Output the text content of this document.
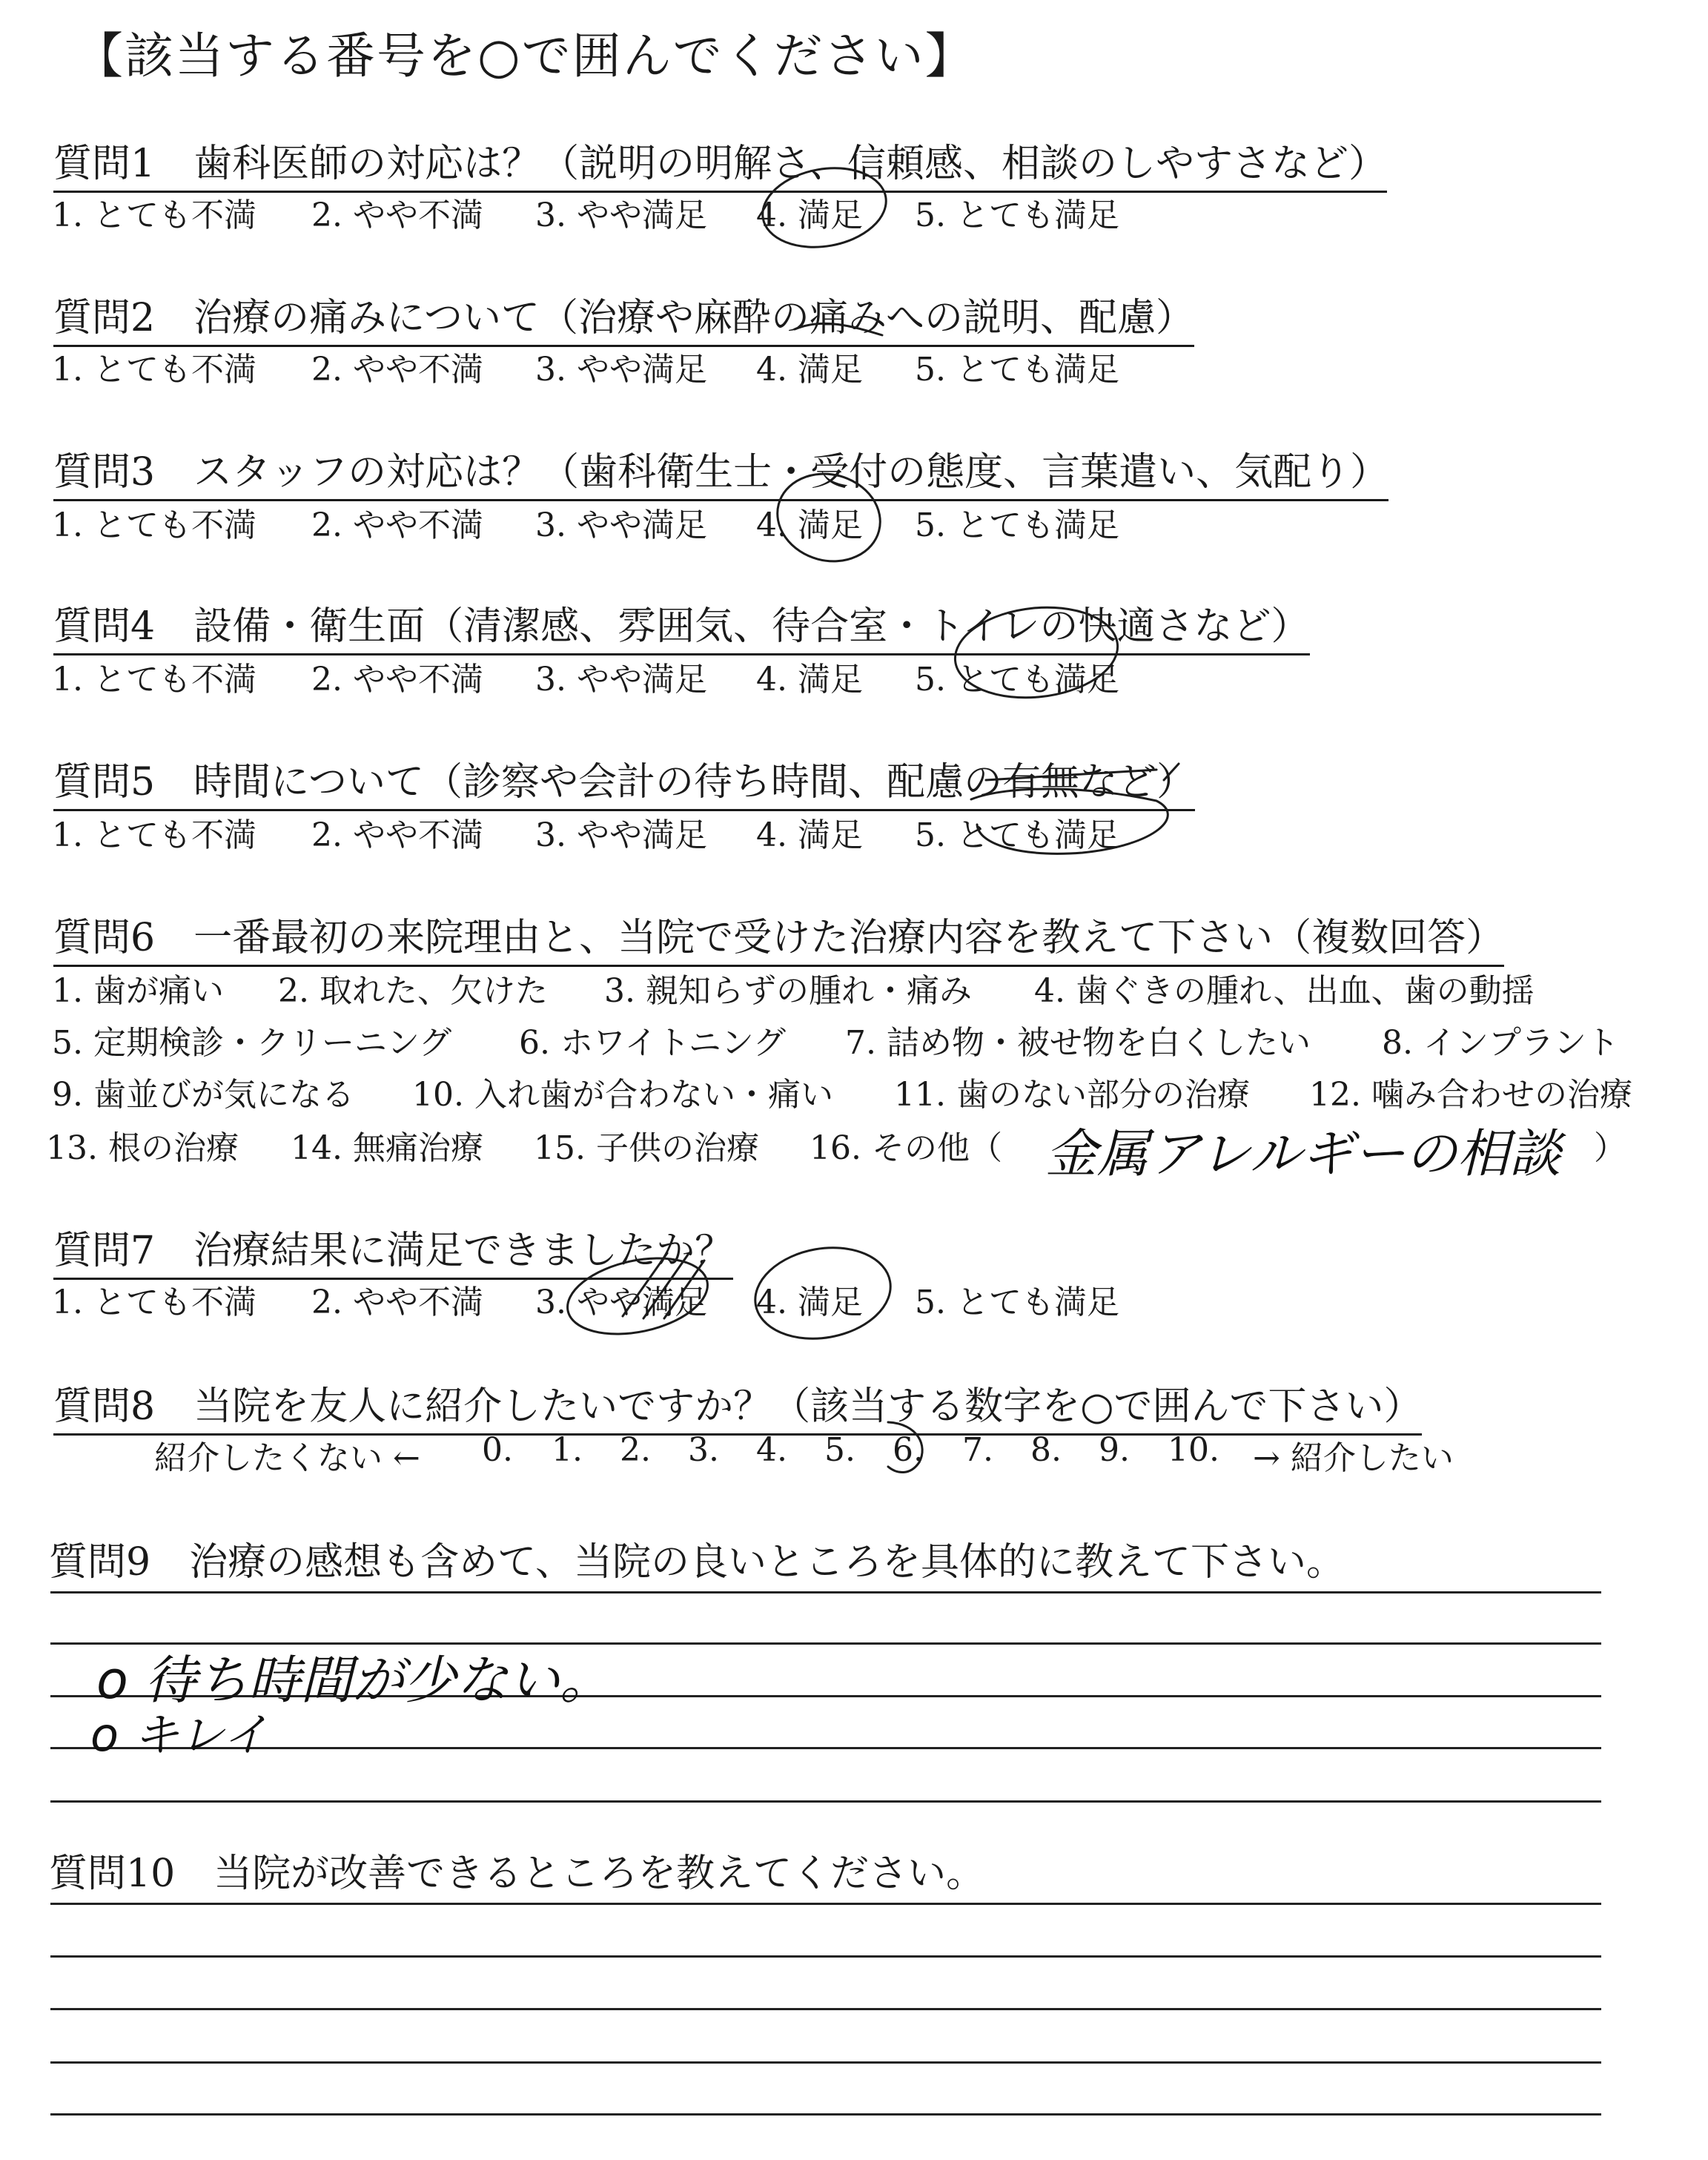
【該当する番号を○で囲んでください】
質問1　歯科医師の対応は？（説明の明解さ、信頼感、相談のしやすさなど）
1. とても不満 2. やや不満 3. やや満足 4. 満足 5. とても満足
質問2　治療の痛みについて（治療や麻酔の痛みへの説明、配慮）
1. とても不満 2. やや不満 3. やや満足 4. 満足 5. とても満足
質問3　スタッフの対応は？（歯科衛生士・受付の態度、言葉遣い、気配り）
1. とても不満 2. やや不満 3. やや満足 4. 満足 5. とても満足
質問4　設備・衛生面（清潔感、雰囲気、待合室・トイレの快適さなど）
1. とても不満 2. やや不満 3. やや満足 4. 満足 5. とても満足
質問5　時間について（診察や会計の待ち時間、配慮の有無など）
1. とても不満 2. やや不満 3. やや満足 4. 満足 5. とても満足
質問6　一番最初の来院理由と、当院で受けた治療内容を教えて下さい（複数回答）
1. 歯が痛い 2. 取れた、欠けた 3. 親知らずの腫れ・痛み 4. 歯ぐきの腫れ、出血、歯の動揺
5. 定期検診・クリーニング 6. ホワイトニング 7. 詰め物・被せ物を白くしたい 8. インプラント
9. 歯並びが気になる 10. 入れ歯が合わない・痛い 11. 歯のない部分の治療 12. 噛み合わせの治療
13. 根の治療 14. 無痛治療 15. 子供の治療 16. その他（ 金属アレルギーの相談 ）
質問7　治療結果に満足できましたか？
1. とても不満 2. やや不満 3. やや満足 4. 満足 5. とても満足
質問8　当院を友人に紹介したいですか？（該当する数字を○で囲んで下さい）
紹介したくない ← 0. 1. 2. 3. 4. 5. 6. 7. 8. 9. 10. → 紹介したい
質問9　治療の感想も含めて、当院の良いところを具体的に教えて下さい。
o 待ち時間が少ない。
o キレイ
質問10　当院が改善できるところを教えてください。
